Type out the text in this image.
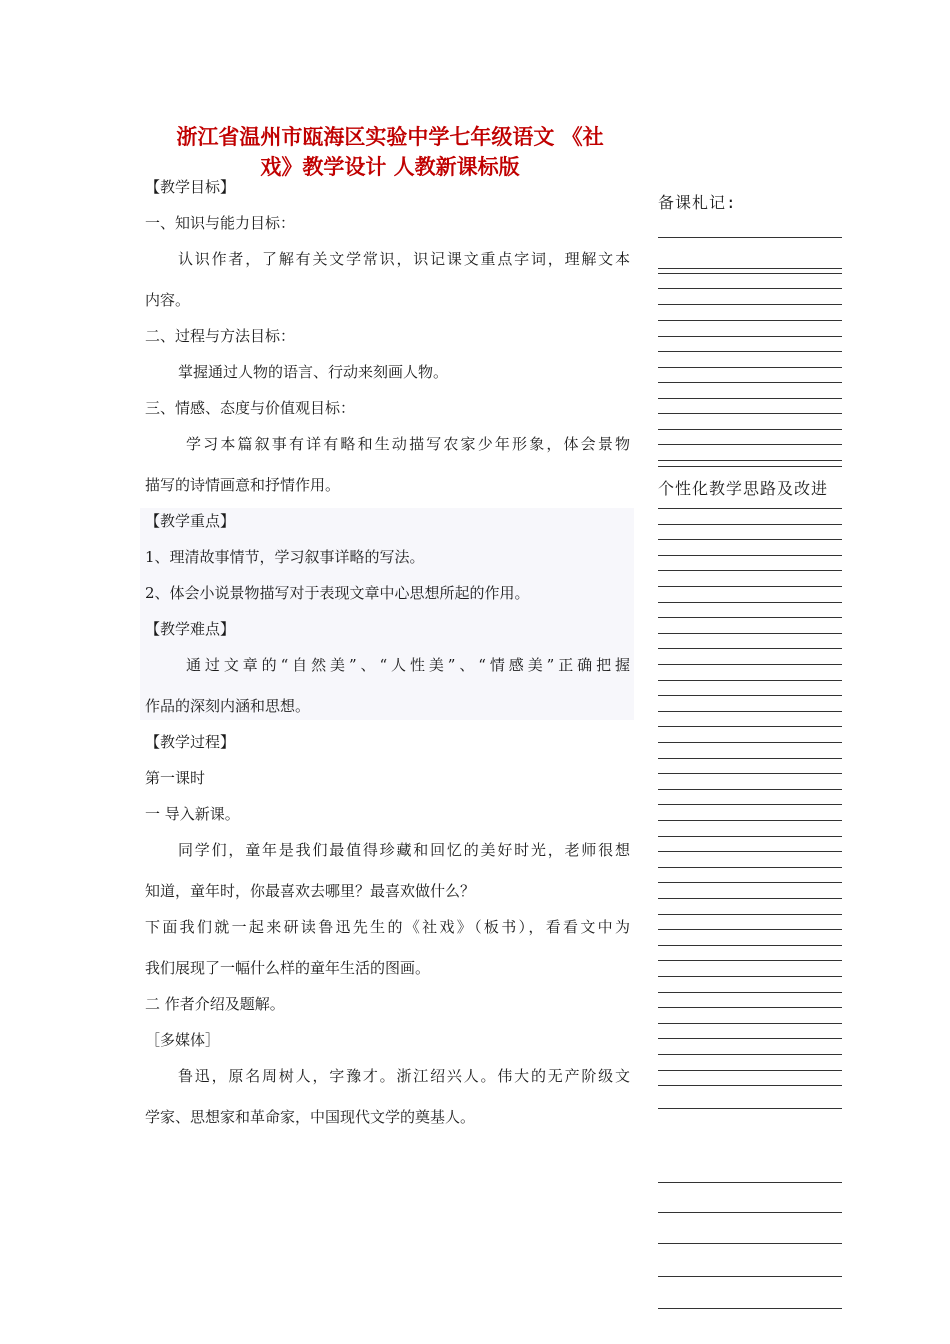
浙江省温州市瓯海区实验中学七年级语文 《社
戏》教学设计 人教新课标版
【教学目标】
一、知识与能力目标：
认识作者，了解有关文学常识，识记课文重点字词，理解文本
内容。
二、过程与方法目标：
掌握通过人物的语言、行动来刻画人物。
三、情感、态度与价值观目标：
学习本篇叙事有详有略和生动描写农家少年形象，体会景物
描写的诗情画意和抒情作用。
【教学重点】
1、理清故事情节，学习叙事详略的写法。
2、体会小说景物描写对于表现文章中心思想所起的作用。
【教学难点】
通过文章的“自然美”、“人性美”、“情感美”正确把握
作品的深刻内涵和思想。
【教学过程】
第一课时
一 导入新课。
同学们，童年是我们最值得珍藏和回忆的美好时光，老师很想
知道，童年时，你最喜欢去哪里？最喜欢做什么？
下面我们就一起来研读鲁迅先生的《社戏》（板书），看看文中为
我们展现了一幅什么样的童年生活的图画。
二 作者介绍及题解。
［多媒体］
鲁迅，原名周树人，字豫才。浙江绍兴人。伟大的无产阶级文
学家、思想家和革命家，中国现代文学的奠基人。
备课札记:
个性化教学思路及改进
